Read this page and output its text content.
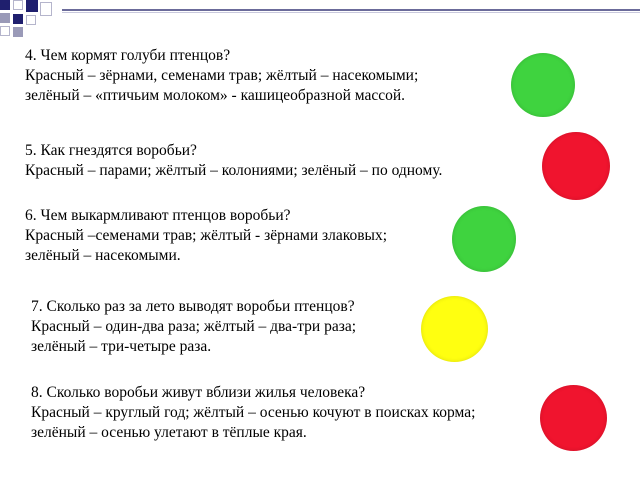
4. Чем кормят голуби птенцов?
Красный – зёрнами, семенами трав; жёлтый – насекомыми;
зелёный – «птичьим молоком» - кашицеобразной массой.
5. Как гнездятся воробьи?
Красный – парами; жёлтый – колониями; зелёный – по одному.
6. Чем выкармливают птенцов воробьи?
Красный –семенами трав; жёлтый - зёрнами злаковых;
зелёный – насекомыми.
7. Сколько раз за лето выводят воробьи птенцов?
Красный – один-два раза; жёлтый – два-три раза;
зелёный – три-четыре раза.
8. Сколько воробьи живут вблизи жилья человека?
Красный – круглый год; жёлтый – осенью кочуют в поисках корма;
зелёный – осенью улетают в тёплые края.
